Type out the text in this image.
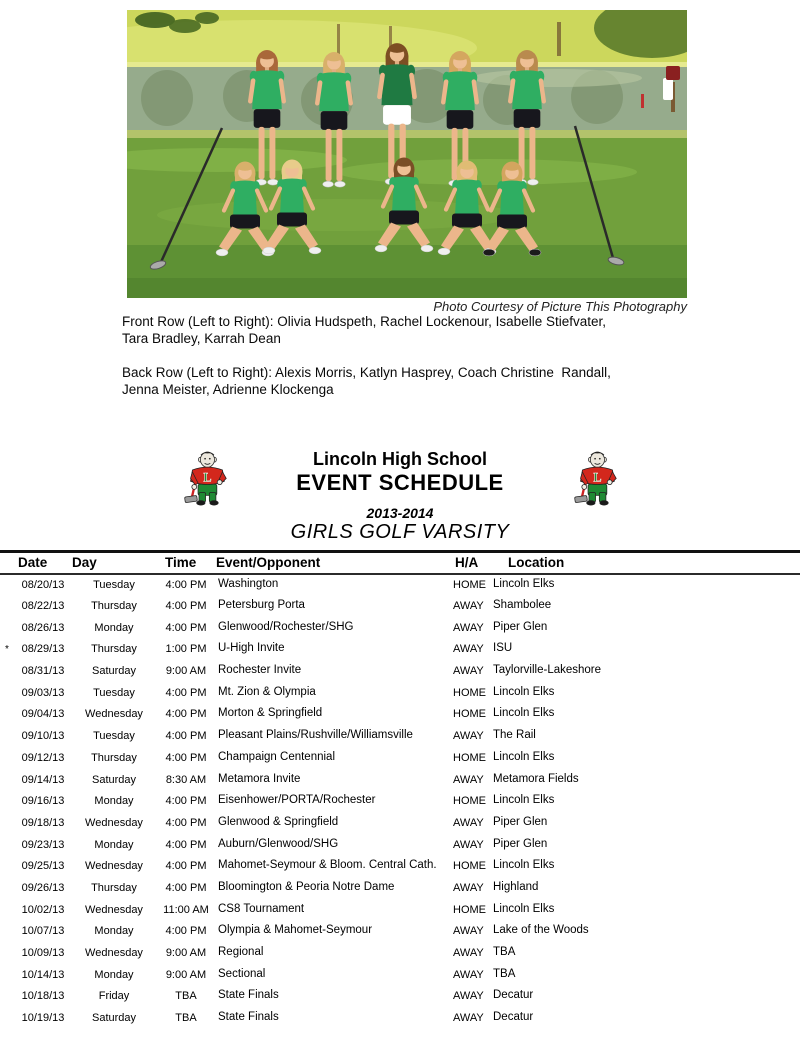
Photo Courtesy of Picture This Photography
Front Row (Left to Right): Olivia Hudspeth, Rachel Lockenour, Isabelle Stiefvater,
Tara Bradley, Karrah Dean
Back Row (Left to Right): Alexis Morris, Katlyn Hasprey, Coach Christine  Randall,
Jenna Meister, Adrienne Klockenga
L
Lincoln High School
EVENT SCHEDULE	L
2013-2014
GIRLS GOLF VARSITY
	Date	Day	Time	Event/Opponent	H/A	Location
	08/20/13	Tuesday	4:00 PM	Washington	HOME	Lincoln Elks
	08/22/13	Thursday	4:00 PM	Petersburg Porta	AWAY	Shambolee
	08/26/13	Monday	4:00 PM	Glenwood/Rochester/SHG	AWAY	Piper Glen
*	08/29/13	Thursday	1:00 PM	U-High Invite	AWAY	ISU
	08/31/13	Saturday	9:00 AM	Rochester Invite	AWAY	Taylorville-Lakeshore
	09/03/13	Tuesday	4:00 PM	Mt. Zion & Olympia	HOME	Lincoln Elks
	09/04/13	Wednesday	4:00 PM	Morton & Springfield	HOME	Lincoln Elks
	09/10/13	Tuesday	4:00 PM	Pleasant Plains/Rushville/Williamsville	AWAY	The Rail
	09/12/13	Thursday	4:00 PM	Champaign Centennial	HOME	Lincoln Elks
	09/14/13	Saturday	8:30 AM	Metamora Invite	AWAY	Metamora Fields
	09/16/13	Monday	4:00 PM	Eisenhower/PORTA/Rochester	HOME	Lincoln Elks
	09/18/13	Wednesday	4:00 PM	Glenwood & Springfield	AWAY	Piper Glen
	09/23/13	Monday	4:00 PM	Auburn/Glenwood/SHG	AWAY	Piper Glen
	09/25/13	Wednesday	4:00 PM	Mahomet-Seymour & Bloom. Central Cath.	HOME	Lincoln Elks
	09/26/13	Thursday	4:00 PM	Bloomington & Peoria Notre Dame	AWAY	Highland
	10/02/13	Wednesday	11:00 AM	CS8 Tournament	HOME	Lincoln Elks
	10/07/13	Monday	4:00 PM	Olympia & Mahomet-Seymour	AWAY	Lake of the Woods
	10/09/13	Wednesday	9:00 AM	Regional	AWAY	TBA
	10/14/13	Monday	9:00 AM	Sectional	AWAY	TBA
	10/18/13	Friday	TBA	State Finals	AWAY	Decatur
	10/19/13	Saturday	TBA	State Finals	AWAY	Decatur
